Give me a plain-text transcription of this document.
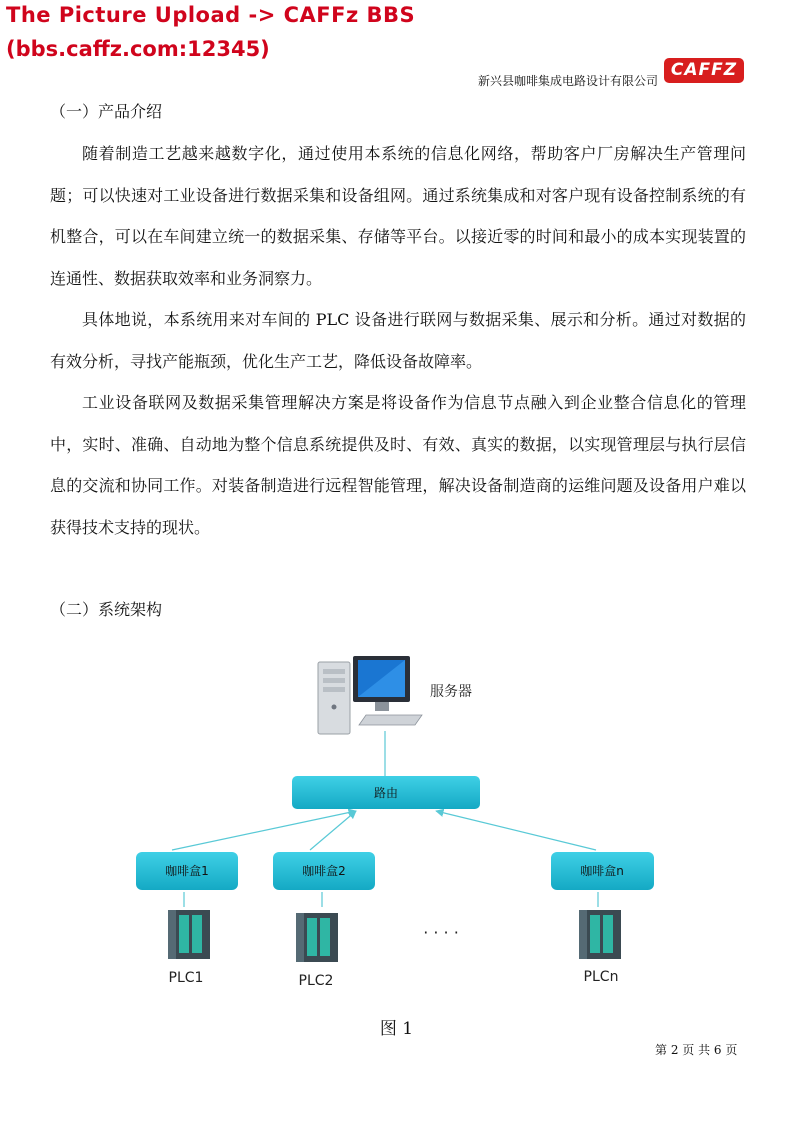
The Picture Upload -> CAFFz BBS
(bbs.caffz.com:12345)
新兴县咖啡集成电路设计有限公司
CAFFZ
（一）产品介绍

随着制造工艺越来越数字化，通过使用本系统的信息化网络，帮助客户厂房解决生产管理问题；可以快速对工业设备进行数据采集和设备组网。通过系统集成和对客户现有设备控制系统的有机整合，可以在车间建立统一的数据采集、存储等平台。以接近零的时间和最小的成本实现装置的连通性、数据获取效率和业务洞察力。

具体地说，本系统用来对车间的 PLC 设备进行联网与数据采集、展示和分析。通过对数据的有效分析，寻找产能瓶颈，优化生产工艺，降低设备故障率。

工业设备联网及数据采集管理解决方案是将设备作为信息节点融入到企业整合信息化的管理中，实时、准确、自动地为整个信息系统提供及时、有效、真实的数据，以实现管理层与执行层信息的交流和协同工作。对装备制造进行远程智能管理，解决设备制造商的运维问题及设备用户难以获得技术支持的现状。

（二）系统架构
服务器
路由
咖啡盒1	咖啡盒2	咖啡盒n
· · · ·
PLC1	PLC2	PLCn
图 1
第 2 页 共 6 页
